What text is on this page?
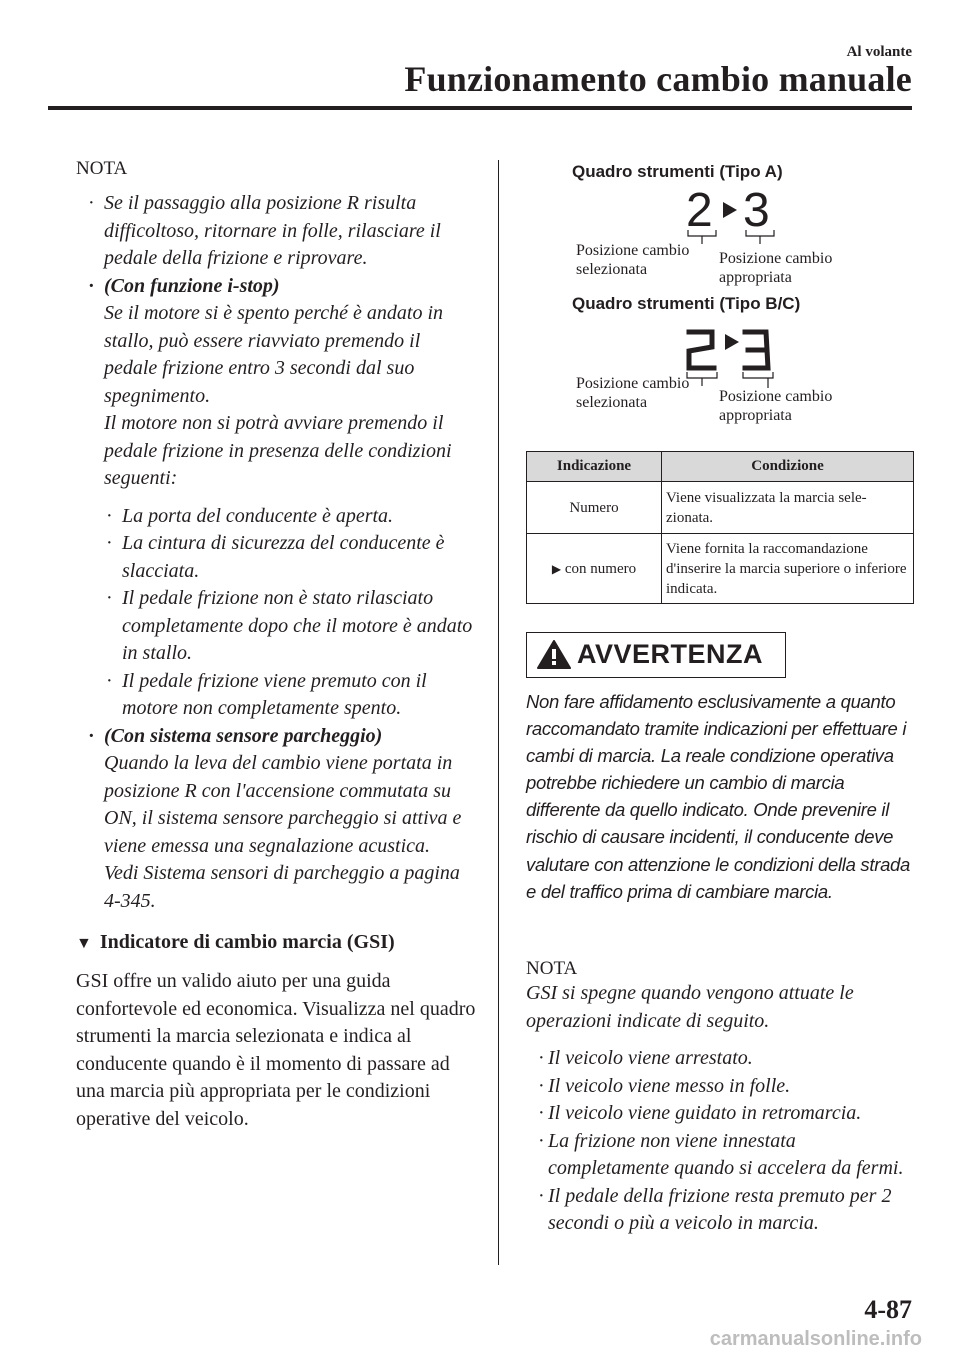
Al volante
Funzionamento cambio manuale
NOTA

· Se il passaggio alla posizione R risulta difficoltoso, ritornare in folle, rilasciare il pedale della frizione e riprovare.

· (Con funzione i-stop)

Se il motore si è spento perché è andato in stallo, può essere riavviato premendo il pedale frizione entro 3 secondi dal suo spegnimento.

Il motore non si potrà avviare premendo il pedale frizione in presenza delle condizioni seguenti:

· La porta del conducente è aperta.

· La cintura di sicurezza del conducente è slacciata.

· Il pedale frizione non è stato rilasciato completamente dopo che il motore è andato in stallo.

· Il pedale frizione viene premuto con il motore non completamente spento.

· (Con sistema sensore parcheggio)

Quando la leva del cambio viene portata in posizione R con l'accensione commutata su ON, il sistema sensore parcheggio si attiva e viene emessa una segnalazione acustica.

Vedi Sistema sensori di parcheggio a pagina 4-345.

▼ Indicatore di cambio marcia (GSI)
GSI offre un valido aiuto per una guida confortevole ed economica. Visualizza nel quadro strumenti la marcia selezionata e indica al conducente quando è il momento di passare ad una marcia più appropriata per le condizioni operative del veicolo.
Quadro strumenti (Tipo A)
Quadro strumenti (Tipo B/C)
2 3
Posizione cambio
selezionata
Posizione cambio
appropriata
Posizione cambio
selezionata	Posizione cambio
appropriata
Indicazione	Condizione
Numero	Viene visualizzata la marcia sele-zionata.
▶ con numero	Viene fornita la raccomandazione d'inserire la marcia superiore o inferiore indicata.
AVVERTENZA
Non fare affidamento esclusivamente a quanto raccomandato tramite indicazioni per effettuare i cambi di marcia. La reale condizione operativa potrebbe richiedere un cambio di marcia differente da quello indicato. Onde prevenire il rischio di causare incidenti, il conducente deve valutare con attenzione le condizioni della strada e del traffico prima di cambiare marcia.
NOTA

GSI si spegne quando vengono attuate le operazioni indicate di seguito.

· Il veicolo viene arrestato.

· Il veicolo viene messo in folle.

· Il veicolo viene guidato in retromarcia.

· La frizione non viene innestata completamente quando si accelera da fermi.

· Il pedale della frizione resta premuto per 2 secondi o più a veicolo in marcia.

4-87
carmanualsonline.info
